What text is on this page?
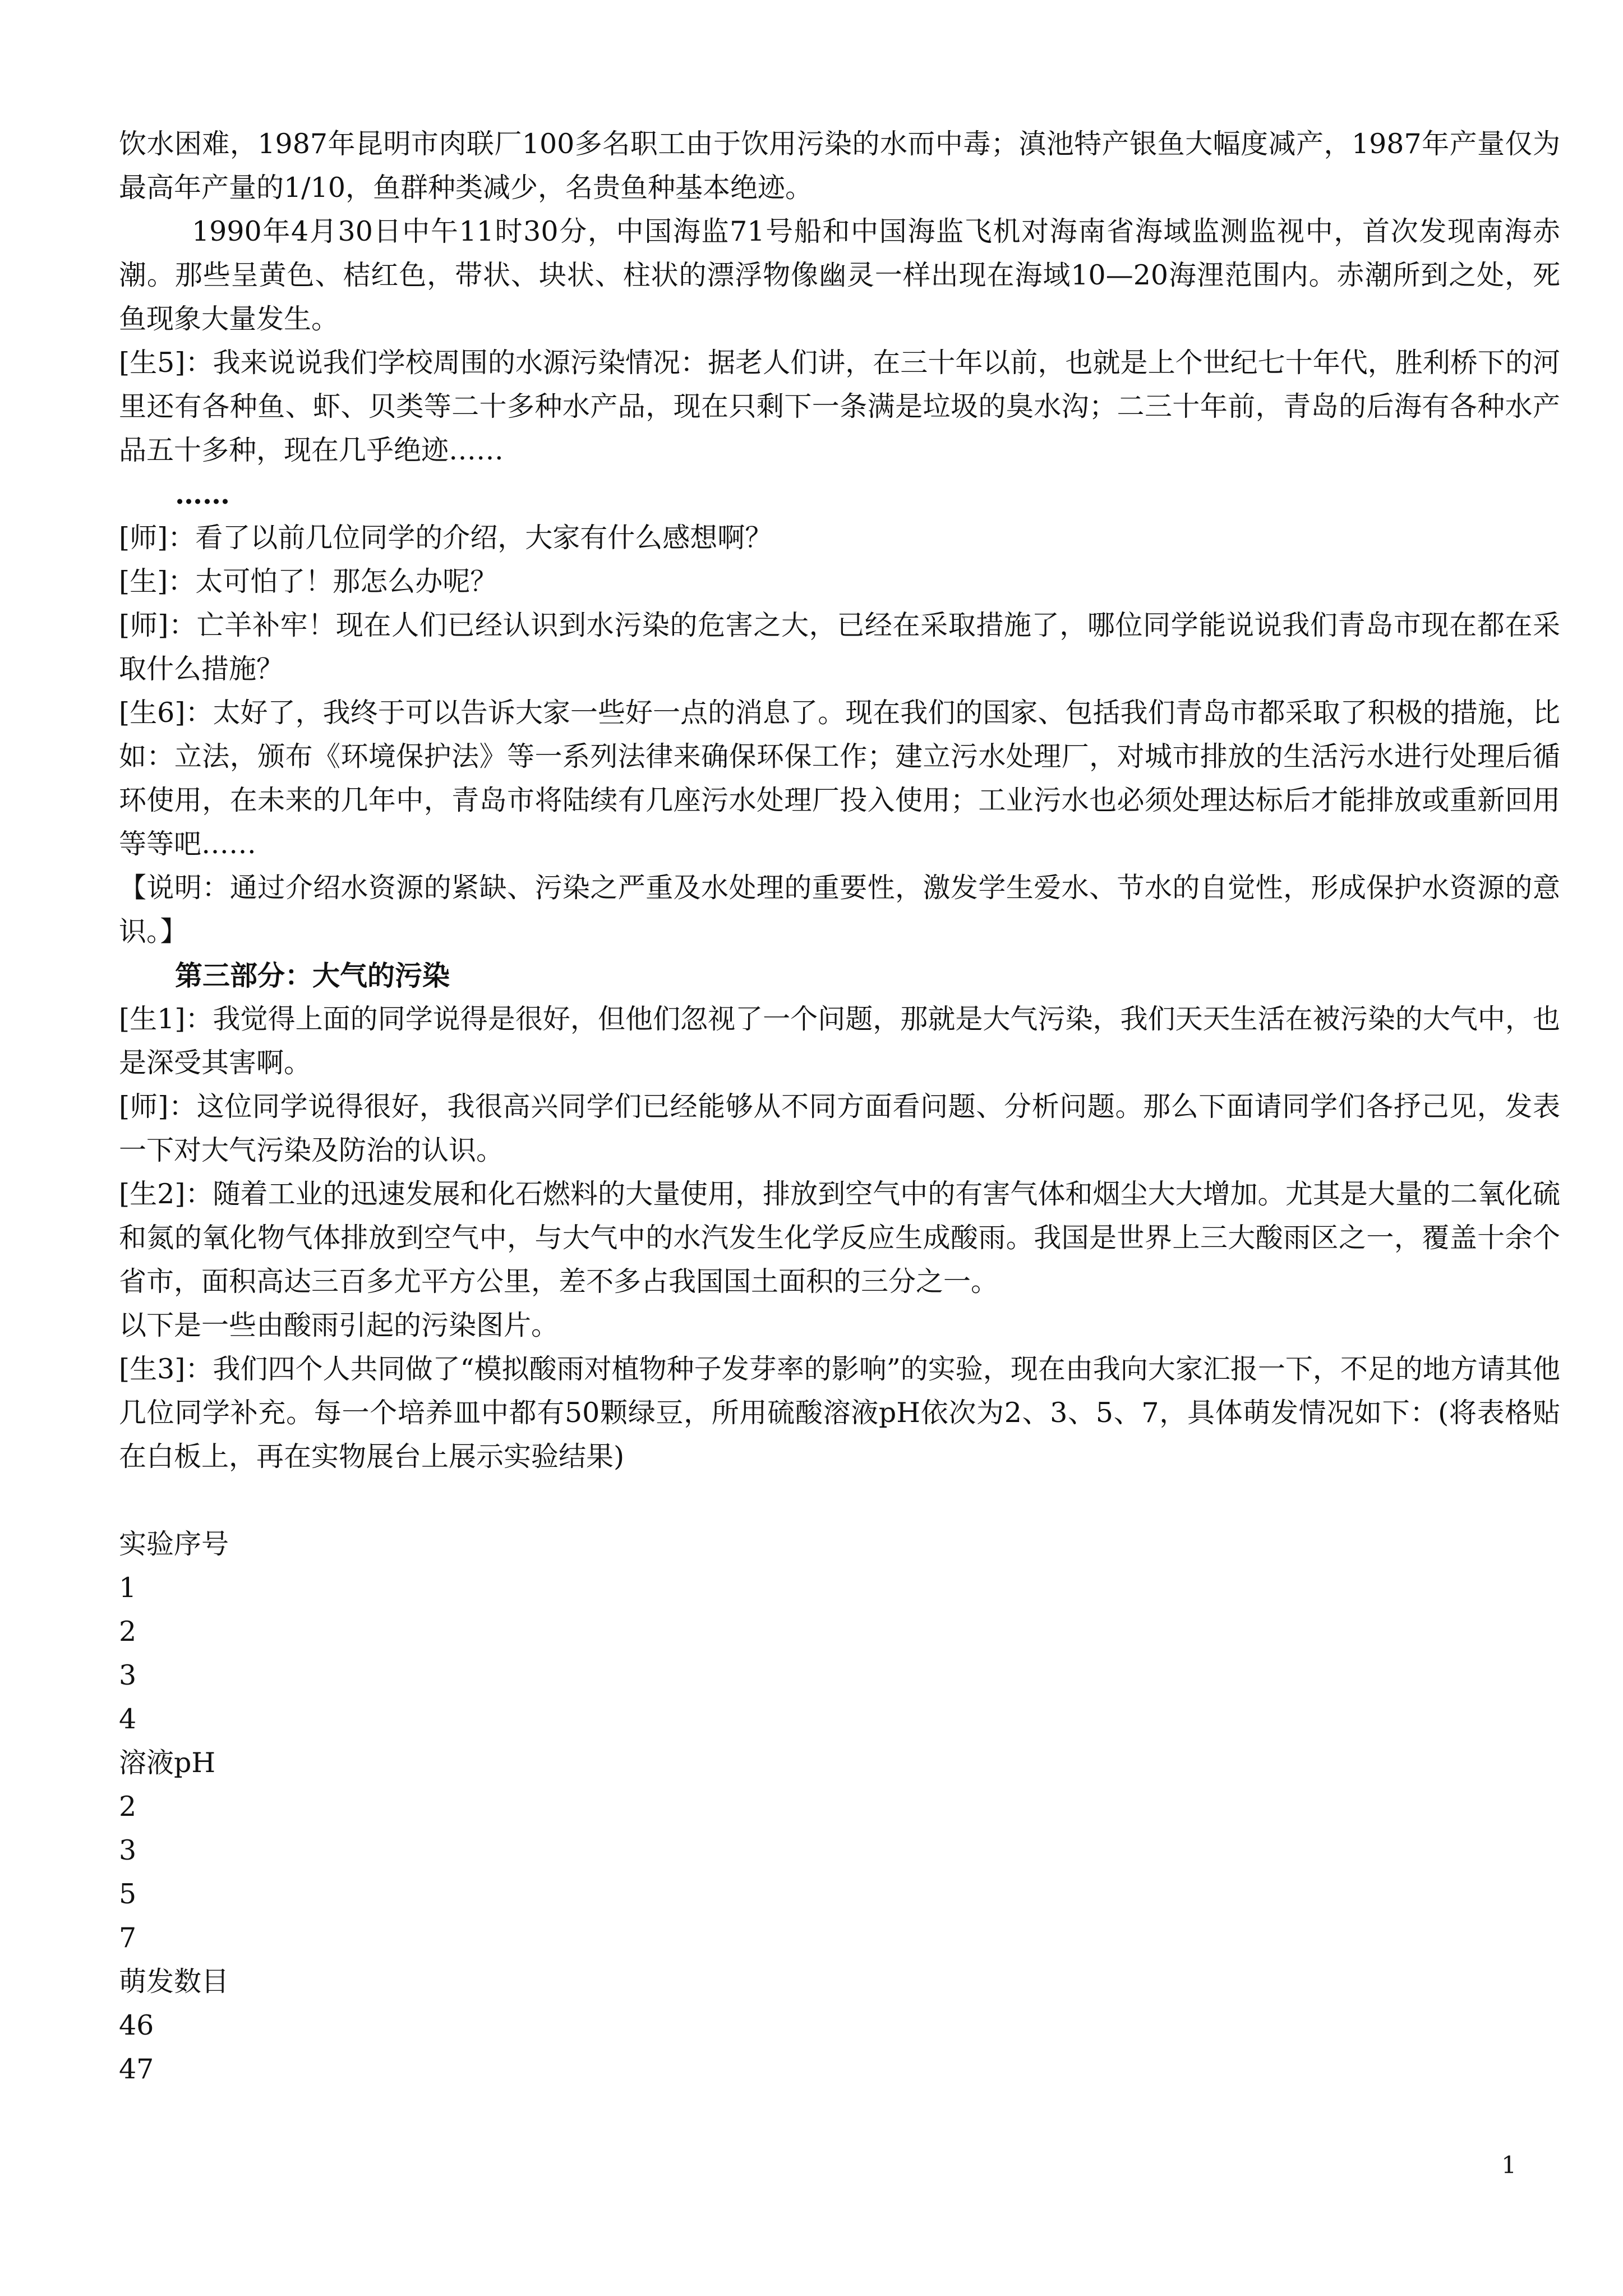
饮水困难，1987年昆明市肉联厂100多名职工由于饮用污染的水而中毒；滇池特产银鱼大幅度减产，1987年产量仅为最高年产量的1/10，鱼群种类减少，名贵鱼种基本绝迹。

1990年4月30日中午11时30分，中国海监71号船和中国海监飞机对海南省海域监测监视中，首次发现南海赤潮。那些呈黄色、桔红色，带状、块状、柱状的漂浮物像幽灵一样出现在海域10—20海浬范围内。赤潮所到之处，死鱼现象大量发生。

[生5]：我来说说我们学校周围的水源污染情况：据老人们讲，在三十年以前，也就是上个世纪七十年代，胜利桥下的河里还有各种鱼、虾、贝类等二十多种水产品，现在只剩下一条满是垃圾的臭水沟；二三十年前，青岛的后海有各种水产品五十多种，现在几乎绝迹……

……

[师]：看了以前几位同学的介绍，大家有什么感想啊？

[生]：太可怕了！那怎么办呢？

[师]：亡羊补牢！现在人们已经认识到水污染的危害之大，已经在采取措施了，哪位同学能说说我们青岛市现在都在采取什么措施？

[生6]：太好了，我终于可以告诉大家一些好一点的消息了。现在我们的国家、包括我们青岛市都采取了积极的措施，比如：立法，颁布《环境保护法》等一系列法律来确保环保工作；建立污水处理厂，对城市排放的生活污水进行处理后循环使用，在未来的几年中，青岛市将陆续有几座污水处理厂投入使用；工业污水也必须处理达标后才能排放或重新回用等等吧……

【说明：通过介绍水资源的紧缺、污染之严重及水处理的重要性，激发学生爱水、节水的自觉性，形成保护水资源的意识。】

第三部分：大气的污染

[生1]：我觉得上面的同学说得是很好，但他们忽视了一个问题，那就是大气污染，我们天天生活在被污染的大气中，也是深受其害啊。

[师]：这位同学说得很好，我很高兴同学们已经能够从不同方面看问题、分析问题。那么下面请同学们各抒己见，发表一下对大气污染及防治的认识。

[生2]：随着工业的迅速发展和化石燃料的大量使用，排放到空气中的有害气体和烟尘大大增加。尤其是大量的二氧化硫和氮的氧化物气体排放到空气中，与大气中的水汽发生化学反应生成酸雨。我国是世界上三大酸雨区之一，覆盖十余个省市，面积高达三百多尤平方公里，差不多占我国国土面积的三分之一。

以下是一些由酸雨引起的污染图片。

[生3]：我们四个人共同做了“模拟酸雨对植物种子发芽率的影响”的实验，现在由我向大家汇报一下，不足的地方请其他几位同学补充。每一个培养皿中都有50颗绿豆，所用硫酸溶液pH依次为2、3、5、7，具体萌发情况如下：(将表格贴在白板上，再在实物展台上展示实验结果)

实验序号

1

2

3

4

溶液pH

2

3

5

7

萌发数目

46

47

1
